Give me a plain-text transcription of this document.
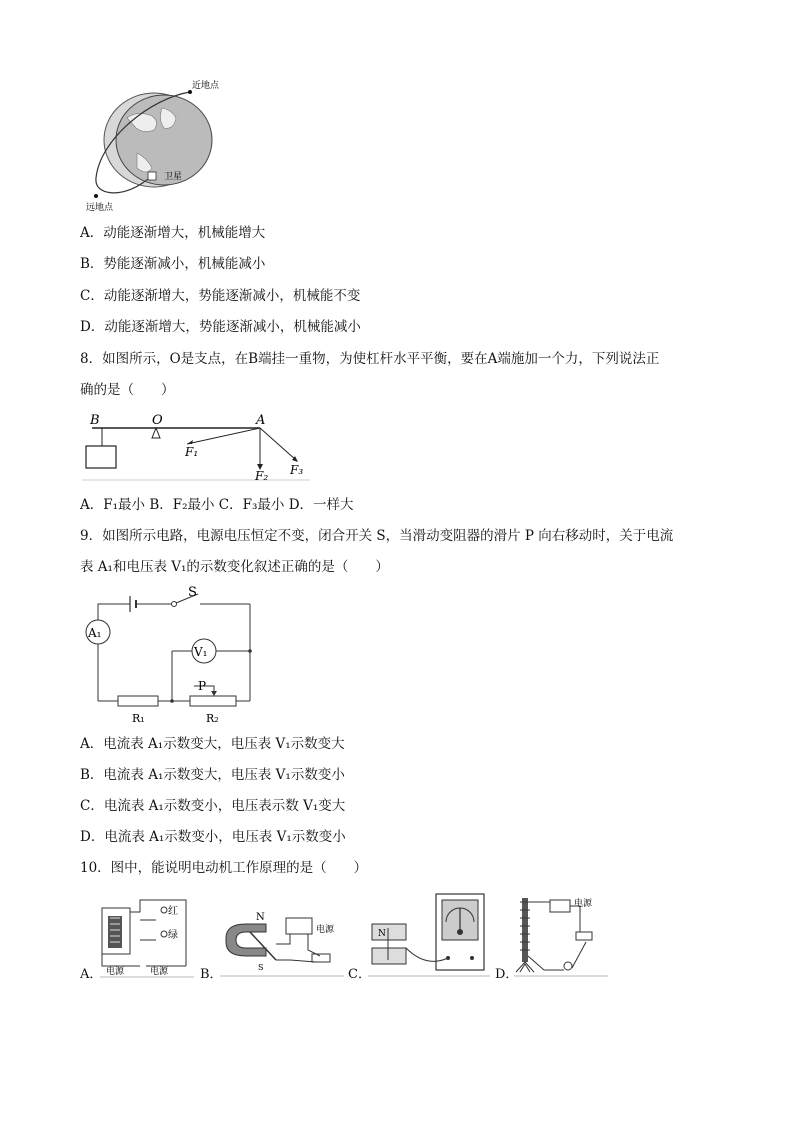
近地点
卫星
远地点
A．动能逐渐增大，机械能增大
B．势能逐渐减小，机械能减小
C．动能逐渐增大，势能逐渐减小，机械能不变
D．动能逐渐增大，势能逐渐减小，机械能减小
8．如图所示，O是支点，在B端挂一重物，为使杠杆水平平衡，要在A端施加一个力，下列说法正
确的是（　　）
B	O	A
F₁
F₂ F₃
A．F₁最小 B．F₂最小 C．F₃最小 D．一样大
9．如图所示电路，电源电压恒定不变，闭合开关 S，当滑动变阻器的滑片 P 向右移动时，关于电流
表 A₁和电压表 V₁的示数变化叙述正确的是（　　）
A₁
V₁
S
P
R₁	R₂
A．电流表 A₁示数变大，电压表 V₁示数变大
B．电流表 A₁示数变大，电压表 V₁示数变小
C．电流表 A₁示数变小，电压表示数 V₁变大
D．电流表 A₁示数变小，电压表 V₁示数变小
10．图中，能说明电动机工作原理的是（　　）
A．	B．	C．	D．
红
绿
电源	电源
N
S
电源	N
电源
